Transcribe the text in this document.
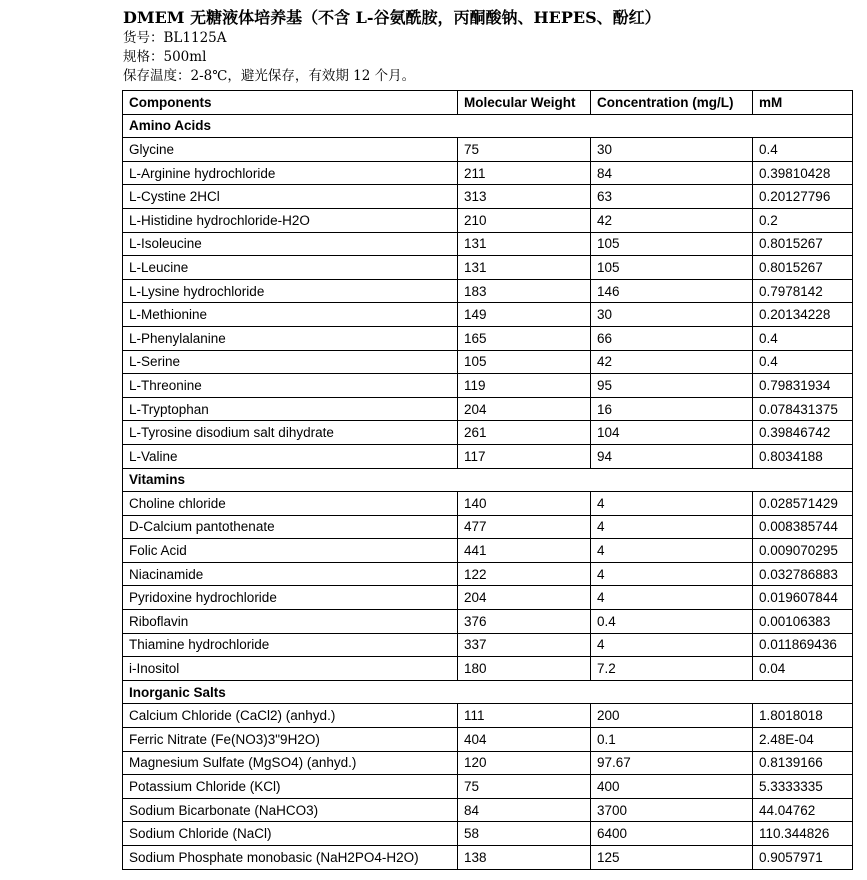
DMEM 无糖液体培养基（不含 L-谷氨酰胺，丙酮酸钠、HEPES、酚红）
货号：BL1125A
规格：500ml
保存温度：2-8℃，避光保存，有效期 12 个月。
Components	Molecular Weight	Concentration (mg/L)	mM
Amino Acids			
Glycine	75	30	0.4
L-Arginine hydrochloride	211	84	0.39810428
L-Cystine 2HCl	313	63	0.20127796
L-Histidine hydrochloride-H2O	210	42	0.2
L-Isoleucine	131	105	0.8015267
L-Leucine	131	105	0.8015267
L-Lysine hydrochloride	183	146	0.7978142
L-Methionine	149	30	0.20134228
L-Phenylalanine	165	66	0.4
L-Serine	105	42	0.4
L-Threonine	119	95	0.79831934
L-Tryptophan	204	16	0.078431375
L-Tyrosine disodium salt dihydrate	261	104	0.39846742
L-Valine	117	94	0.8034188
Vitamins			
Choline chloride	140	4	0.028571429
D-Calcium pantothenate	477	4	0.008385744
Folic Acid	441	4	0.009070295
Niacinamide	122	4	0.032786883
Pyridoxine hydrochloride	204	4	0.019607844
Riboflavin	376	0.4	0.00106383
Thiamine hydrochloride	337	4	0.011869436
i-Inositol	180	7.2	0.04
Inorganic Salts			
Calcium Chloride (CaCl2) (anhyd.)	111	200	1.8018018
Ferric Nitrate (Fe(NO3)3"9H2O)	404	0.1	2.48E-04
Magnesium Sulfate (MgSO4) (anhyd.)	120	97.67	0.8139166
Potassium Chloride (KCl)	75	400	5.3333335
Sodium Bicarbonate (NaHCO3)	84	3700	44.04762
Sodium Chloride (NaCl)	58	6400	110.344826
Sodium Phosphate monobasic (NaH2PO4-H2O)	138	125	0.9057971
